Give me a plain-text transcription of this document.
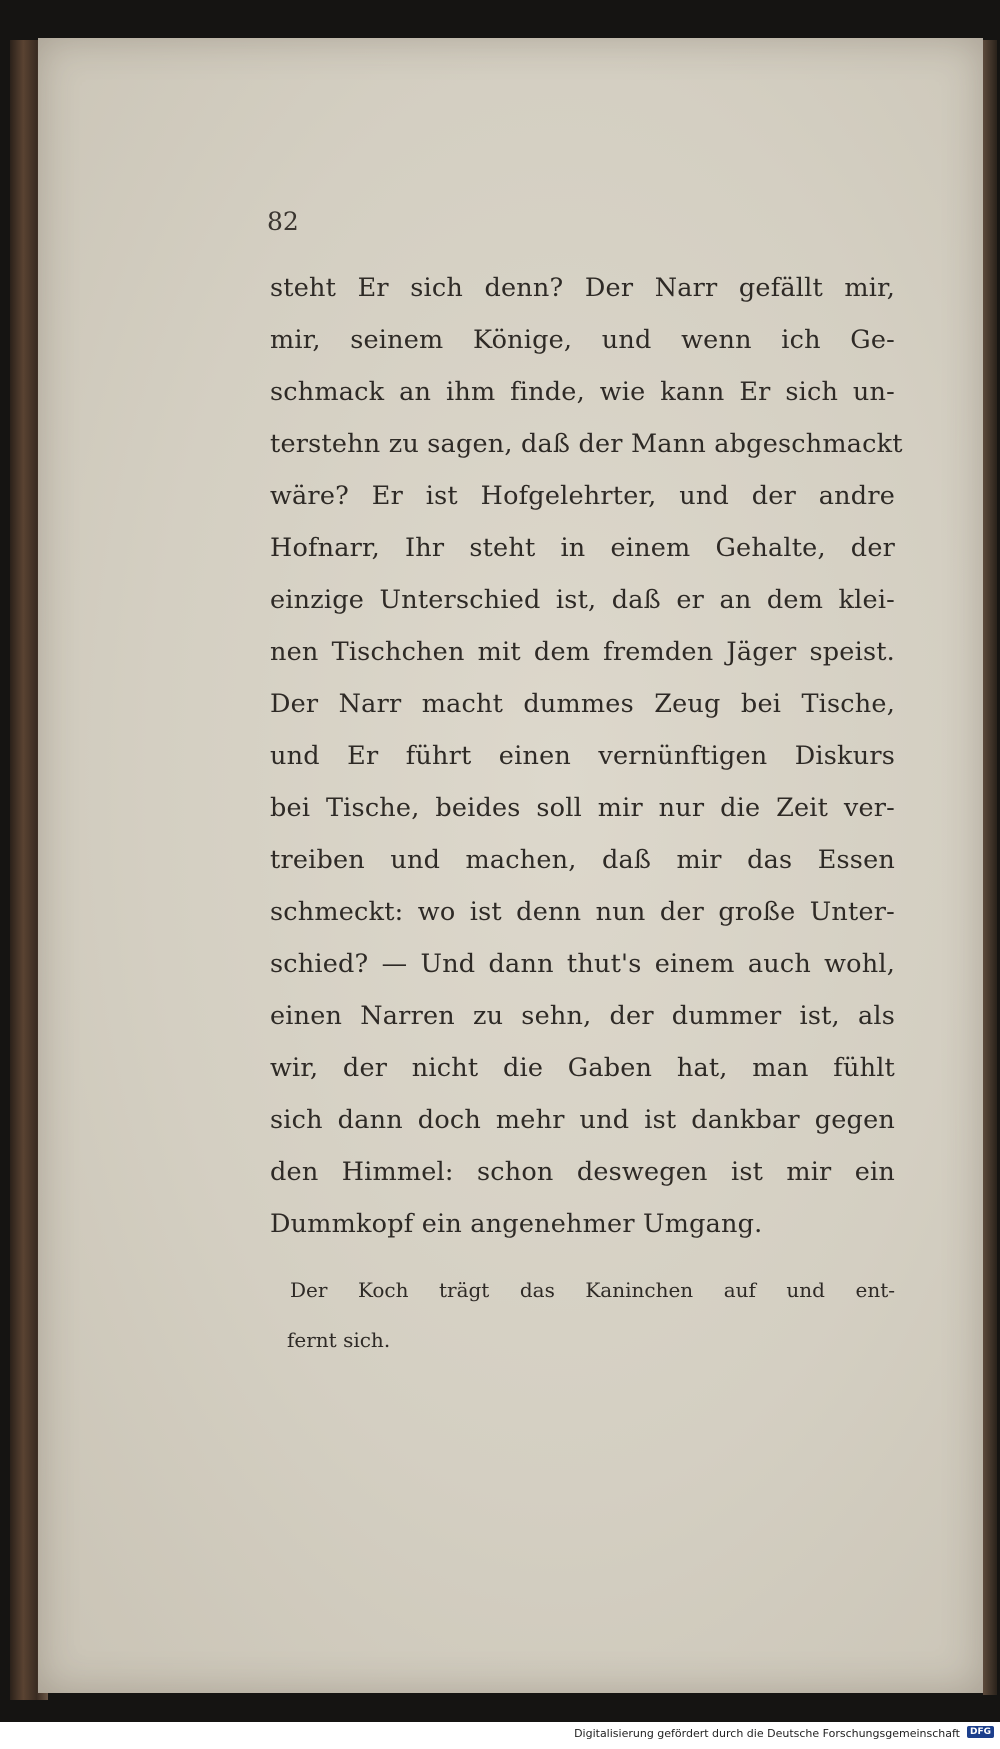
82
steht Er sich denn? Der Narr gefällt mir,
mir, seinem Könige, und wenn ich Ge-
schmack an ihm finde, wie kann Er sich un-
terstehn zu sagen, daß der Mann abgeschmackt
wäre? Er ist Hofgelehrter, und der andre
Hofnarr, Ihr steht in einem Gehalte, der
einzige Unterschied ist, daß er an dem klei-
nen Tischchen mit dem fremden Jäger speist.
Der Narr macht dummes Zeug bei Tische,
und Er führt einen vernünftigen Diskurs
bei Tische, beides soll mir nur die Zeit ver-
treiben und machen, daß mir das Essen
schmeckt: wo ist denn nun der große Unter-
schied? — Und dann thut's einem auch wohl,
einen Narren zu sehn, der dummer ist, als
wir, der nicht die Gaben hat, man fühlt
sich dann doch mehr und ist dankbar gegen
den Himmel: schon deswegen ist mir ein
Dummkopf ein angenehmer Umgang.
Der Koch trägt das Kaninchen auf und ent-
fernt sich.
Digitalisierung gefördert durch die Deutsche Forschungsgemeinschaft	DFG
